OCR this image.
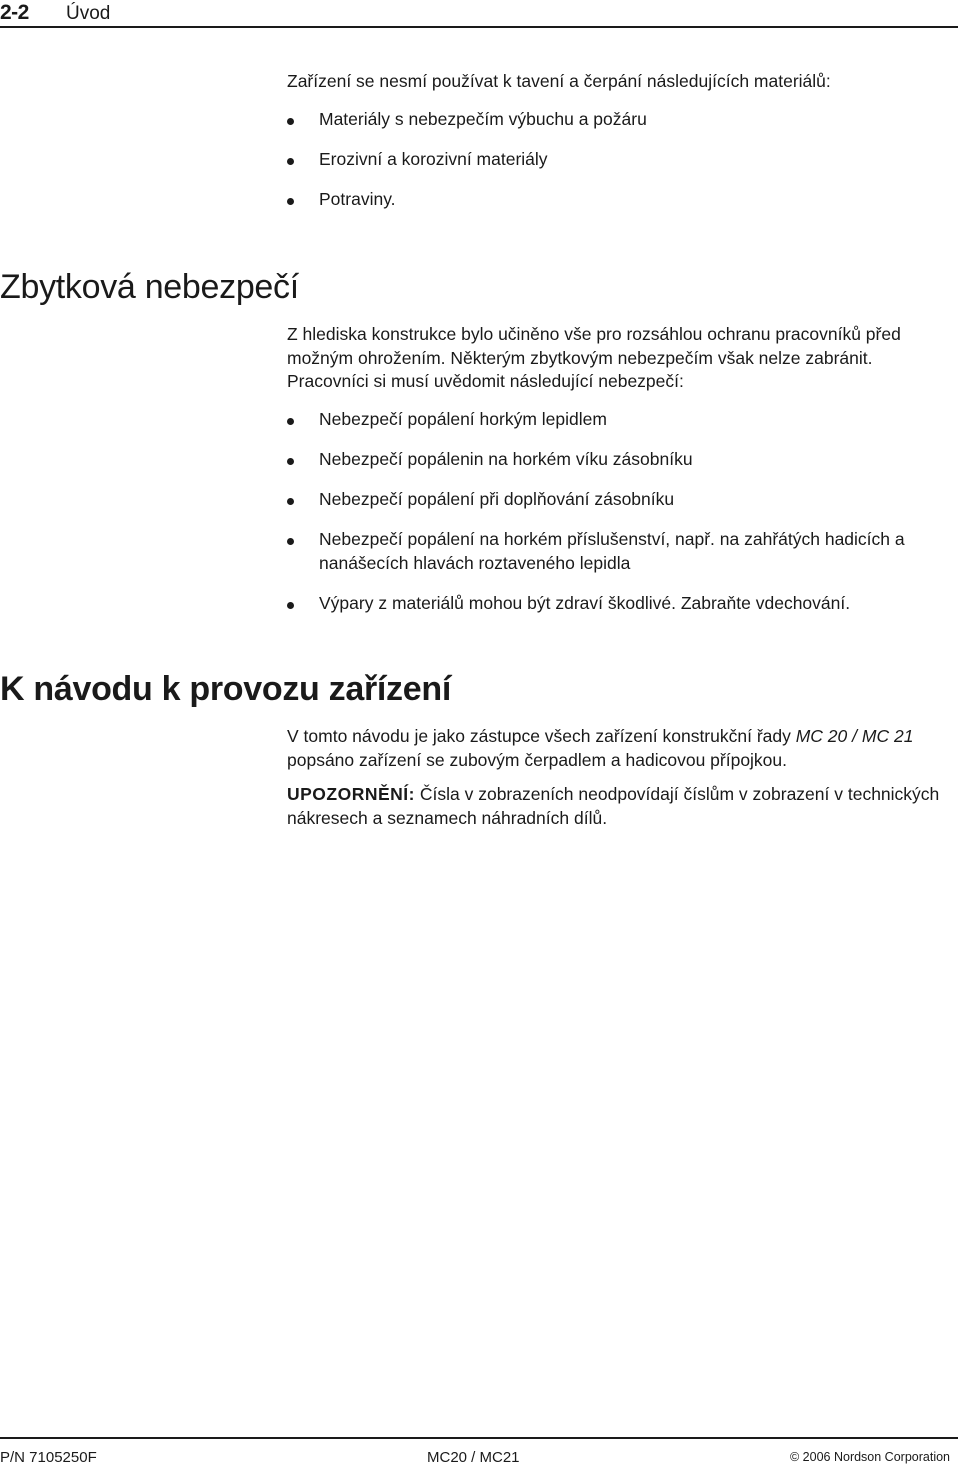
2-2 Úvod
Zařízení se nesmí používat k tavení a čerpání následujících materiálů:
Materiály s nebezpečím výbuchu a požáru
Erozivní a korozivní materiály
Potraviny.
Zbytková nebezpečí
Z hlediska konstrukce bylo učiněno vše pro rozsáhlou ochranu pracovníků před možným ohrožením. Některým zbytkovým nebezpečím však nelze zabránit. Pracovníci si musí uvědomit následující nebezpečí:
Nebezpečí popálení horkým lepidlem
Nebezpečí popálenin na horkém víku zásobníku
Nebezpečí popálení při doplňování zásobníku
Nebezpečí popálení na horkém příslušenství, např. na zahřátých hadicích a nanášecích hlavách roztaveného lepidla
Výpary z materiálů mohou být zdraví škodlivé. Zabraňte vdechování.
K návodu k provozu zařízení
V tomto návodu je jako zástupce všech zařízení konstrukční řady MC 20 / MC 21 popsáno zařízení se zubovým čerpadlem a hadicovou přípojkou.
UPOZORNĚNÍ: Čísla v zobrazeních neodpovídají číslům v zobrazení v technických nákresech a seznamech náhradních dílů.
P/N 7105250F	MC20 / MC21	© 2006 Nordson Corporation
